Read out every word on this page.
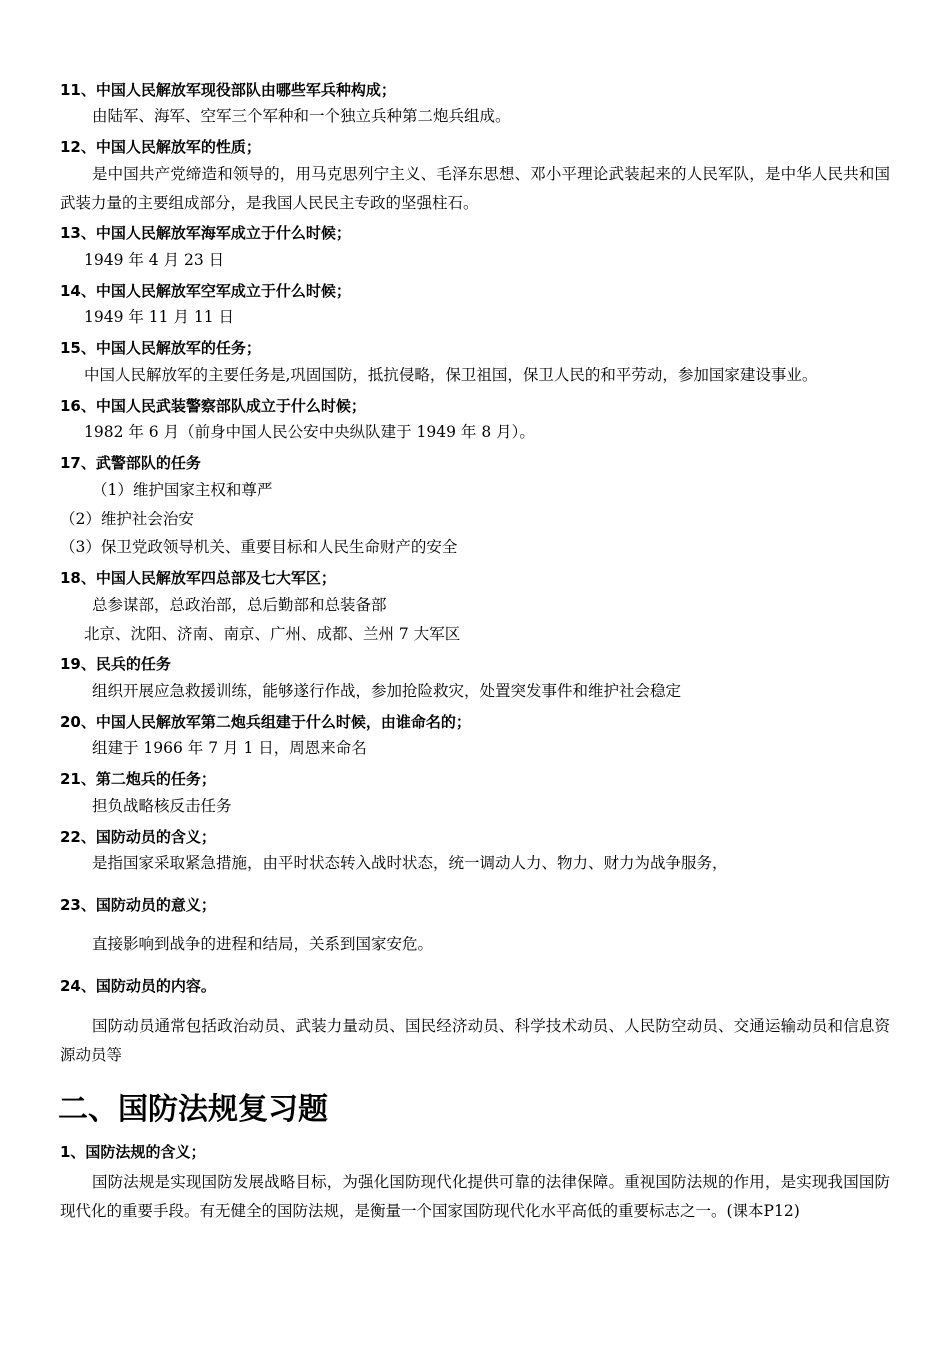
11、中国人民解放军现役部队由哪些军兵种构成；
由陆军、海军、空军三个军种和一个独立兵种第二炮兵组成。
12、中国人民解放军的性质；
是中国共产党缔造和领导的，用马克思列宁主义、毛泽东思想、邓小平理论武装起来的人民军队，是中华人民共和国武装力量的主要组成部分，是我国人民民主专政的坚强柱石。
13、中国人民解放军海军成立于什么时候；
1949 年 4 月 23 日
14、中国人民解放军空军成立于什么时候；
1949 年 11 月 11 日
15、中国人民解放军的任务；
中国人民解放军的主要任务是,巩固国防，抵抗侵略，保卫祖国，保卫人民的和平劳动，参加国家建设事业。
16、中国人民武装警察部队成立于什么时候；
1982 年 6 月（前身中国人民公安中央纵队建于 1949 年 8 月）。
17、武警部队的任务
（1）维护国家主权和尊严
（2）维护社会治安
（3）保卫党政领导机关、重要目标和人民生命财产的安全
18、中国人民解放军四总部及七大军区；
总参谋部，总政治部，总后勤部和总装备部
北京、沈阳、济南、南京、广州、成都、兰州 7 大军区
19、民兵的任务
组织开展应急救援训练，能够遂行作战，参加抢险救灾，处置突发事件和维护社会稳定
20、中国人民解放军第二炮兵组建于什么时候，由谁命名的；
组建于 1966 年 7 月 1 日，周恩来命名
21、第二炮兵的任务；
担负战略核反击任务
22、国防动员的含义；
是指国家采取紧急措施，由平时状态转入战时状态，统一调动人力、物力、财力为战争服务，
23、国防动员的意义；
直接影响到战争的进程和结局，关系到国家安危。
24、国防动员的内容。
国防动员通常包括政治动员、武装力量动员、国民经济动员、科学技术动员、人民防空动员、交通运输动员和信息资源动员等
二、国防法规复习题
1、国防法规的含义；
国防法规是实现国防发展战略目标，为强化国防现代化提供可靠的法律保障。重视国防法规的作用，是实现我国国防现代化的重要手段。有无健全的国防法规，是衡量一个国家国防现代化水平高低的重要标志之一。(课本P12)
